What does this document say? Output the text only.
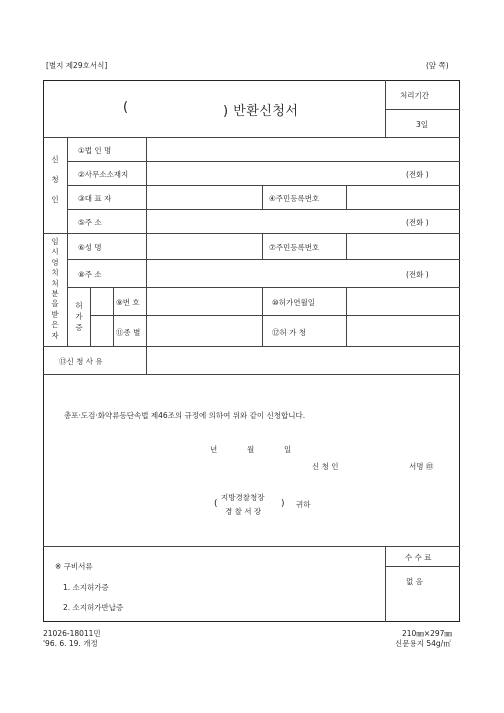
[별지 제29호서식]	(앞 쪽)
(	) 반환신청서
처리기간
3일
신
청
인
①법 인 명
②사무소소재지	(전화 )
③대 표 자	④주민등록번호
⑤주 소	(전화 )
임
시
영
치
처
분
을
받
은
자
⑥성 명	⑦주민등록번호
⑧주 소	(전화 )
허
가
증
⑨번 호	⑩허가연월일
⑪종 별	⑫허 가 청
⑬신 청 사 유
총포·도검·화약류등단속법 제46조의 규정에 의하여 위와 같이 신청합니다.
년	월	일
신 청 인	서명 ㊞
(
지방경찰청장
경 찰 서 장
) 귀하
※ 구비서류
1. 소지허가증
2. 소지허가반납증
수 수 료
없 음
21026-18011민
'96. 6. 19. 개정
210㎜×297㎜
신문용지 54g/㎡
